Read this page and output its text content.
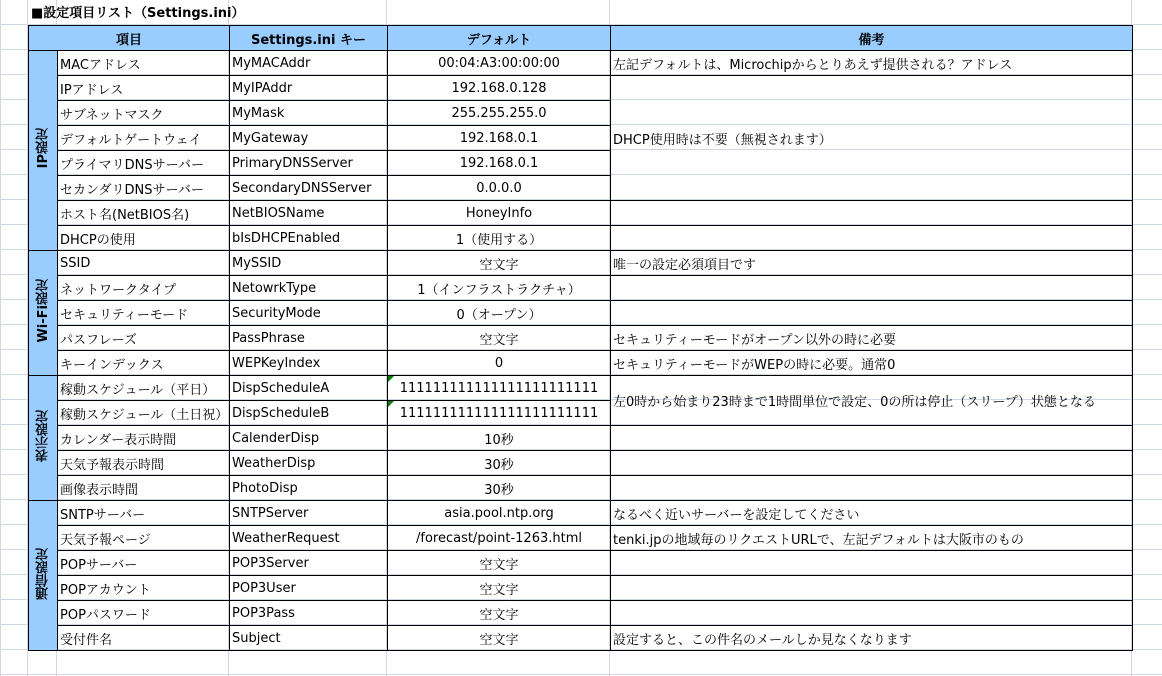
■設定項目リスト（Settings.ini）
項目		Settings.ini キー	デフォルト	備考
IP設定	MACアドレス	MyMACAddr	00:04:A3:00:00:00	左記デフォルトは、Microchipからとりあえず提供される？アドレス
	IPアドレス	MyIPAddr	192.168.0.128	DHCP使用時は不要（無視されます）
	サブネットマスク	MyMask	255.255.255.0	
	デフォルトゲートウェイ	MyGateway	192.168.0.1	
	プライマリDNSサーバー	PrimaryDNSServer	192.168.0.1	
	セカンダリDNSサーバー	SecondaryDNSServer	0.0.0.0	
	ホスト名(NetBIOS名)	NetBIOSName	HoneyInfo	
	DHCPの使用	bIsDHCPEnabled	1（使用する）	
Wi-Fi設定	SSID	MySSID	空文字	唯一の設定必須項目です
	ネットワークタイプ	NetowrkType	1（インフラストラクチャ）	
	セキュリティーモード	SecurityMode	0（オープン）	
	パスフレーズ	PassPhrase	空文字	セキュリティーモードがオープン以外の時に必要
	キーインデックス	WEPKeyIndex	0	セキュリティーモードがWEPの時に必要。通常0
表示設定	稼動スケジュール（平日）	DispScheduleA	111111111111111111111111	左0時から始まり23時まで1時間単位で設定、0の所は停止（スリープ）状態となる
	稼動スケジュール（土日祝）	DispScheduleB	111111111111111111111111	
	カレンダー表示時間	CalenderDisp	10秒	
	天気予報表示時間	WeatherDisp	30秒	
	画像表示時間	PhotoDisp	30秒	
通信設定	SNTPサーバー	SNTPServer	asia.pool.ntp.org	なるべく近いサーバーを設定してください
	天気予報ページ	WeatherRequest	/forecast/point-1263.html	tenki.jpの地域毎のリクエストURLで、左記デフォルトは大阪市のもの
	POPサーバー	POP3Server	空文字	
	POPアカウント	POP3User	空文字	
	POPパスワード	POP3Pass	空文字	
	受付件名	Subject	空文字	設定すると、この件名のメールしか見なくなります
